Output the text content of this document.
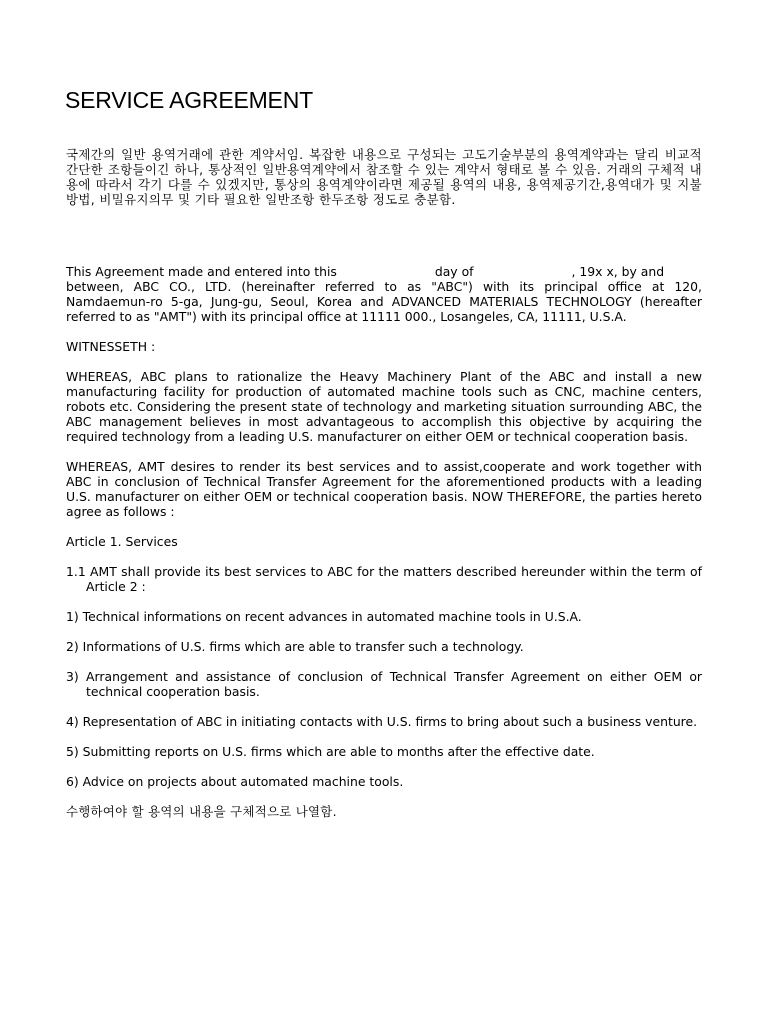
SERVICE AGREEMENT

국제간의 일반 용역거래에 관한 계약서임. 복잡한 내용으로 구성되는 고도기술부분의 용역계약과는 달리 비교적 간단한 조항들이긴 하나, 통상적인 일반용역계약에서 참조할 수 있는 계약서 형태로 볼 수 있음. 거래의 구체적 내용에 따라서 각기 다를 수 있겠지만, 통상의 용역계약이라면 제공될 용역의 내용, 용역제공기간,용역대가 및 지불방법, 비밀유지의무 및 기타 필요한 일반조항 한두조항 정도로 충분함.

This Agreement made and entered into this	day of	, 19x x, by and

between, ABC CO., LTD. (hereinafter referred to as "ABC") with its principal office at 120, Namdaemun-ro 5-ga, Jung-gu, Seoul, Korea and ADVANCED MATERIALS TECHNOLOGY (hereafter referred to as "AMT") with its principal office at 11111 000., Losangeles, CA, 11111, U.S.A.

WITNESSETH :

WHEREAS, ABC plans to rationalize the Heavy Machinery Plant of the ABC and install a new manufacturing facility for production of automated machine tools such as CNC, machine centers, robots etc. Considering the present state of technology and marketing situation surrounding ABC, the ABC management believes in most advantageous to accomplish this objective by acquiring the required technology from a leading U.S. manufacturer on either OEM or technical cooperation basis.

WHEREAS, AMT desires to render its best services and to assist,cooperate and work together with ABC in conclusion of Technical Transfer Agreement for the aforementioned products with a leading U.S. manufacturer on either OEM or technical cooperation basis. NOW THEREFORE, the parties hereto agree as follows :

Article 1. Services

1.1 AMT shall provide its best services to ABC for the matters described hereunder within the term of Article 2 :

1) Technical informations on recent advances in automated machine tools in U.S.A.

2) Informations of U.S. firms which are able to transfer such a technology.

3) Arrangement and assistance of conclusion of Technical Transfer Agreement on either OEM or technical cooperation basis.

4) Representation of ABC in initiating contacts with U.S. firms to bring about such a business venture.

5) Submitting reports on U.S. firms which are able to months after the effective date.

6) Advice on projects about automated machine tools.

수행하여야 할 용역의 내용을 구체적으로 나열함.
